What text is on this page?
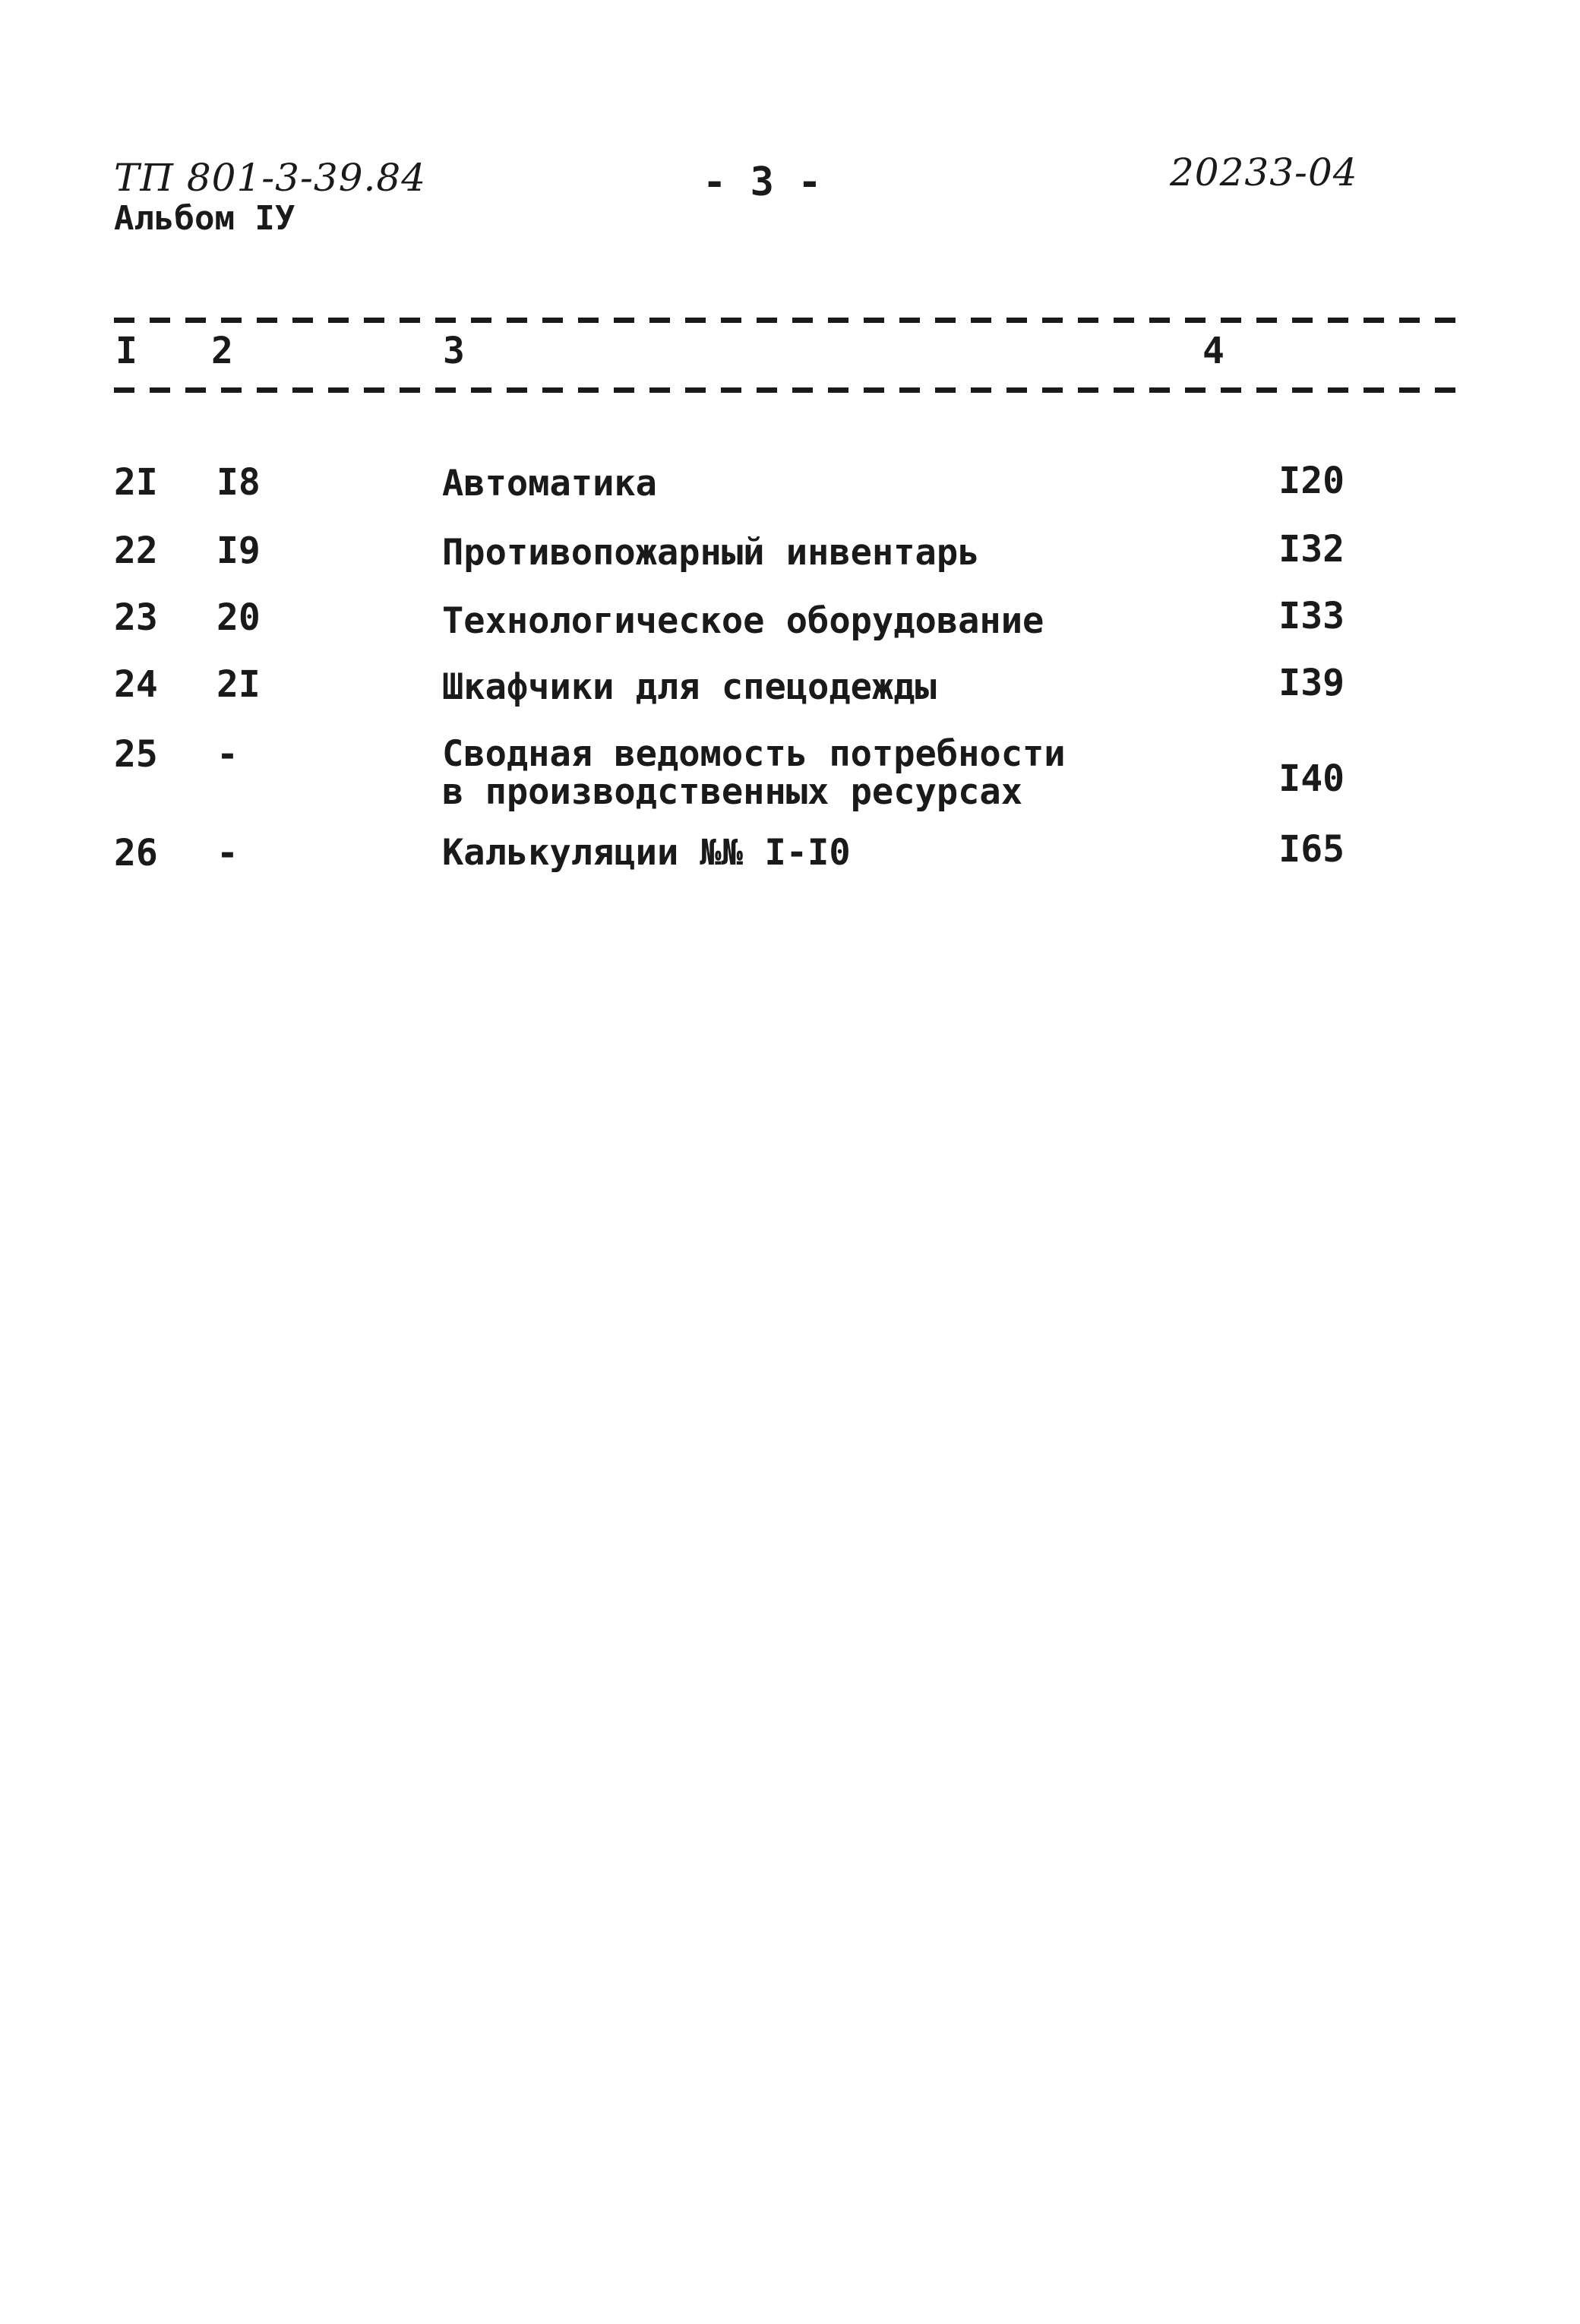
ТП 801-3-39.84
Альбом IУ
- 3 -	20233-04
I 2	3	4
2I I8	Автоматика	I20
22 I9	Противопожарный инвентарь	I32
23 20	Технологическое оборудование	I33
24 2I	Шкафчики для спецодежды	I39
25 -	Сводная ведомость потребности
в производственных ресурсах	I40
26 -	Калькуляции №№ I-I0	I65
